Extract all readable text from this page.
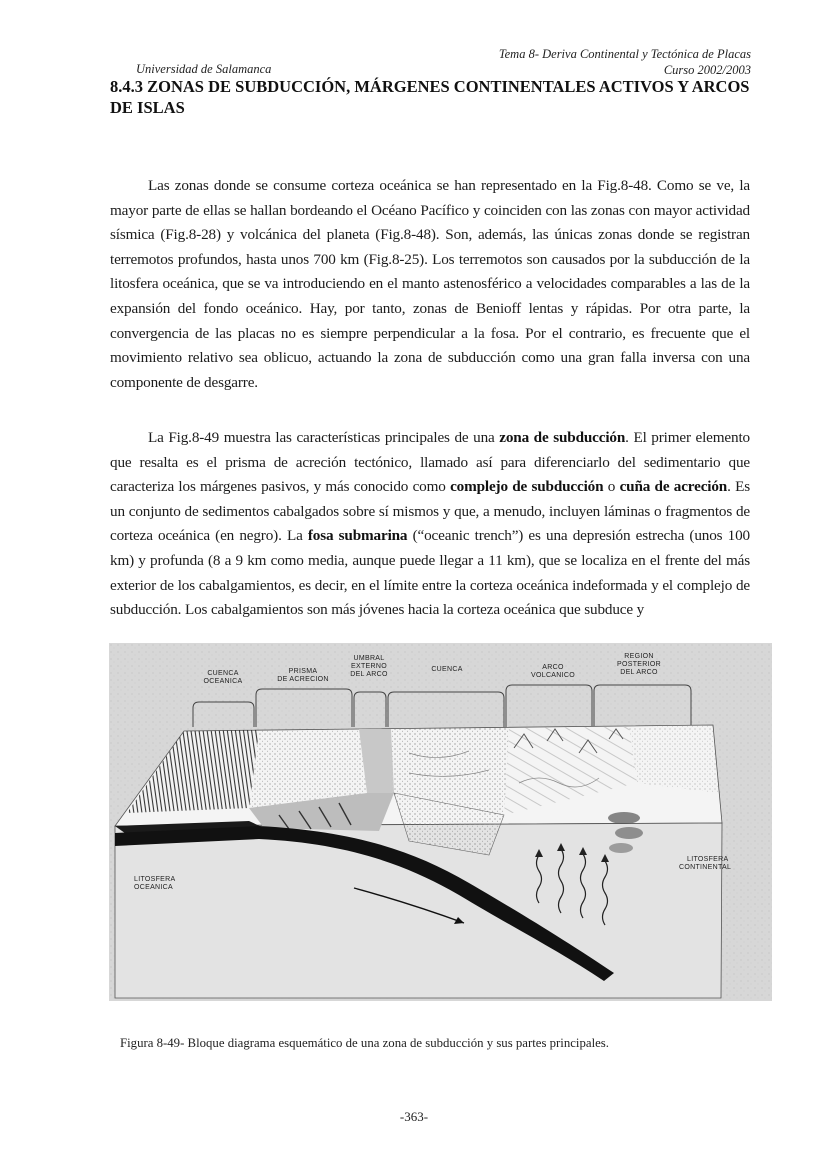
Tema 8- Deriva Continental y Tectónica de Placas
Curso 2002/2003
Universidad de Salamanca
8.4.3 ZONAS DE SUBDUCCIÓN, MÁRGENES CONTINENTALES ACTIVOS Y ARCOS DE ISLAS

Las zonas donde se consume corteza oceánica se han representado en la Fig.8-48. Como se ve, la mayor parte de ellas se hallan bordeando el Océano Pacífico y coinciden con las zonas con mayor actividad sísmica (Fig.8-28) y volcánica del planeta (Fig.8-48). Son, además, las únicas zonas donde se registran terremotos profundos, hasta unos 700 km (Fig.8-25). Los terremotos son causados por la subducción de la litosfera oceánica, que se va introduciendo en el manto astenosférico a velocidades comparables a las de la expansión del fondo oceánico. Hay, por tanto, zonas de Benioff lentas y rápidas. Por otra parte, la convergencia de las placas no es siempre perpendicular a la fosa. Por el contrario, es frecuente que el movimiento relativo sea oblicuo, actuando la zona de subducción como una gran falla inversa con una componente de desgarre.

La Fig.8-49 muestra las características principales de una zona de subducción. El primer elemento que resalta es el prisma de acreción tectónico, llamado así para diferenciarlo del sedimentario que caracteriza los márgenes pasivos, y más conocido como complejo de subducción o cuña de acreción. Es un conjunto de sedimentos cabalgados sobre sí mismos y que, a menudo, incluyen láminas o fragmentos de corteza oceánica (en negro). La fosa submarina (“oceanic trench”) es una depresión estrecha (unos 100 km) y profunda (8 a 9 km como media, aunque puede llegar a 11 km), que se localiza en el frente del más exterior de los cabalgamientos, es decir, en el límite entre la corteza oceánica indeformada y el complejo de subducción. Los cabalgamientos son más jóvenes hacia la corteza oceánica que subduce y

CUENCA
OCEANICA
PRISMA
DE ACRECION
UMBRAL
EXTERNO
DEL ARCO
CUENCA	ARCO
VOLCANICO
REGION
POSTERIOR
DEL ARCO
LITOSFERA
OCEANICA
LITOSFERA
CONTINENTAL
Figura 8-49- Bloque diagrama esquemático de una zona de subducción y sus partes principales.
-363-
